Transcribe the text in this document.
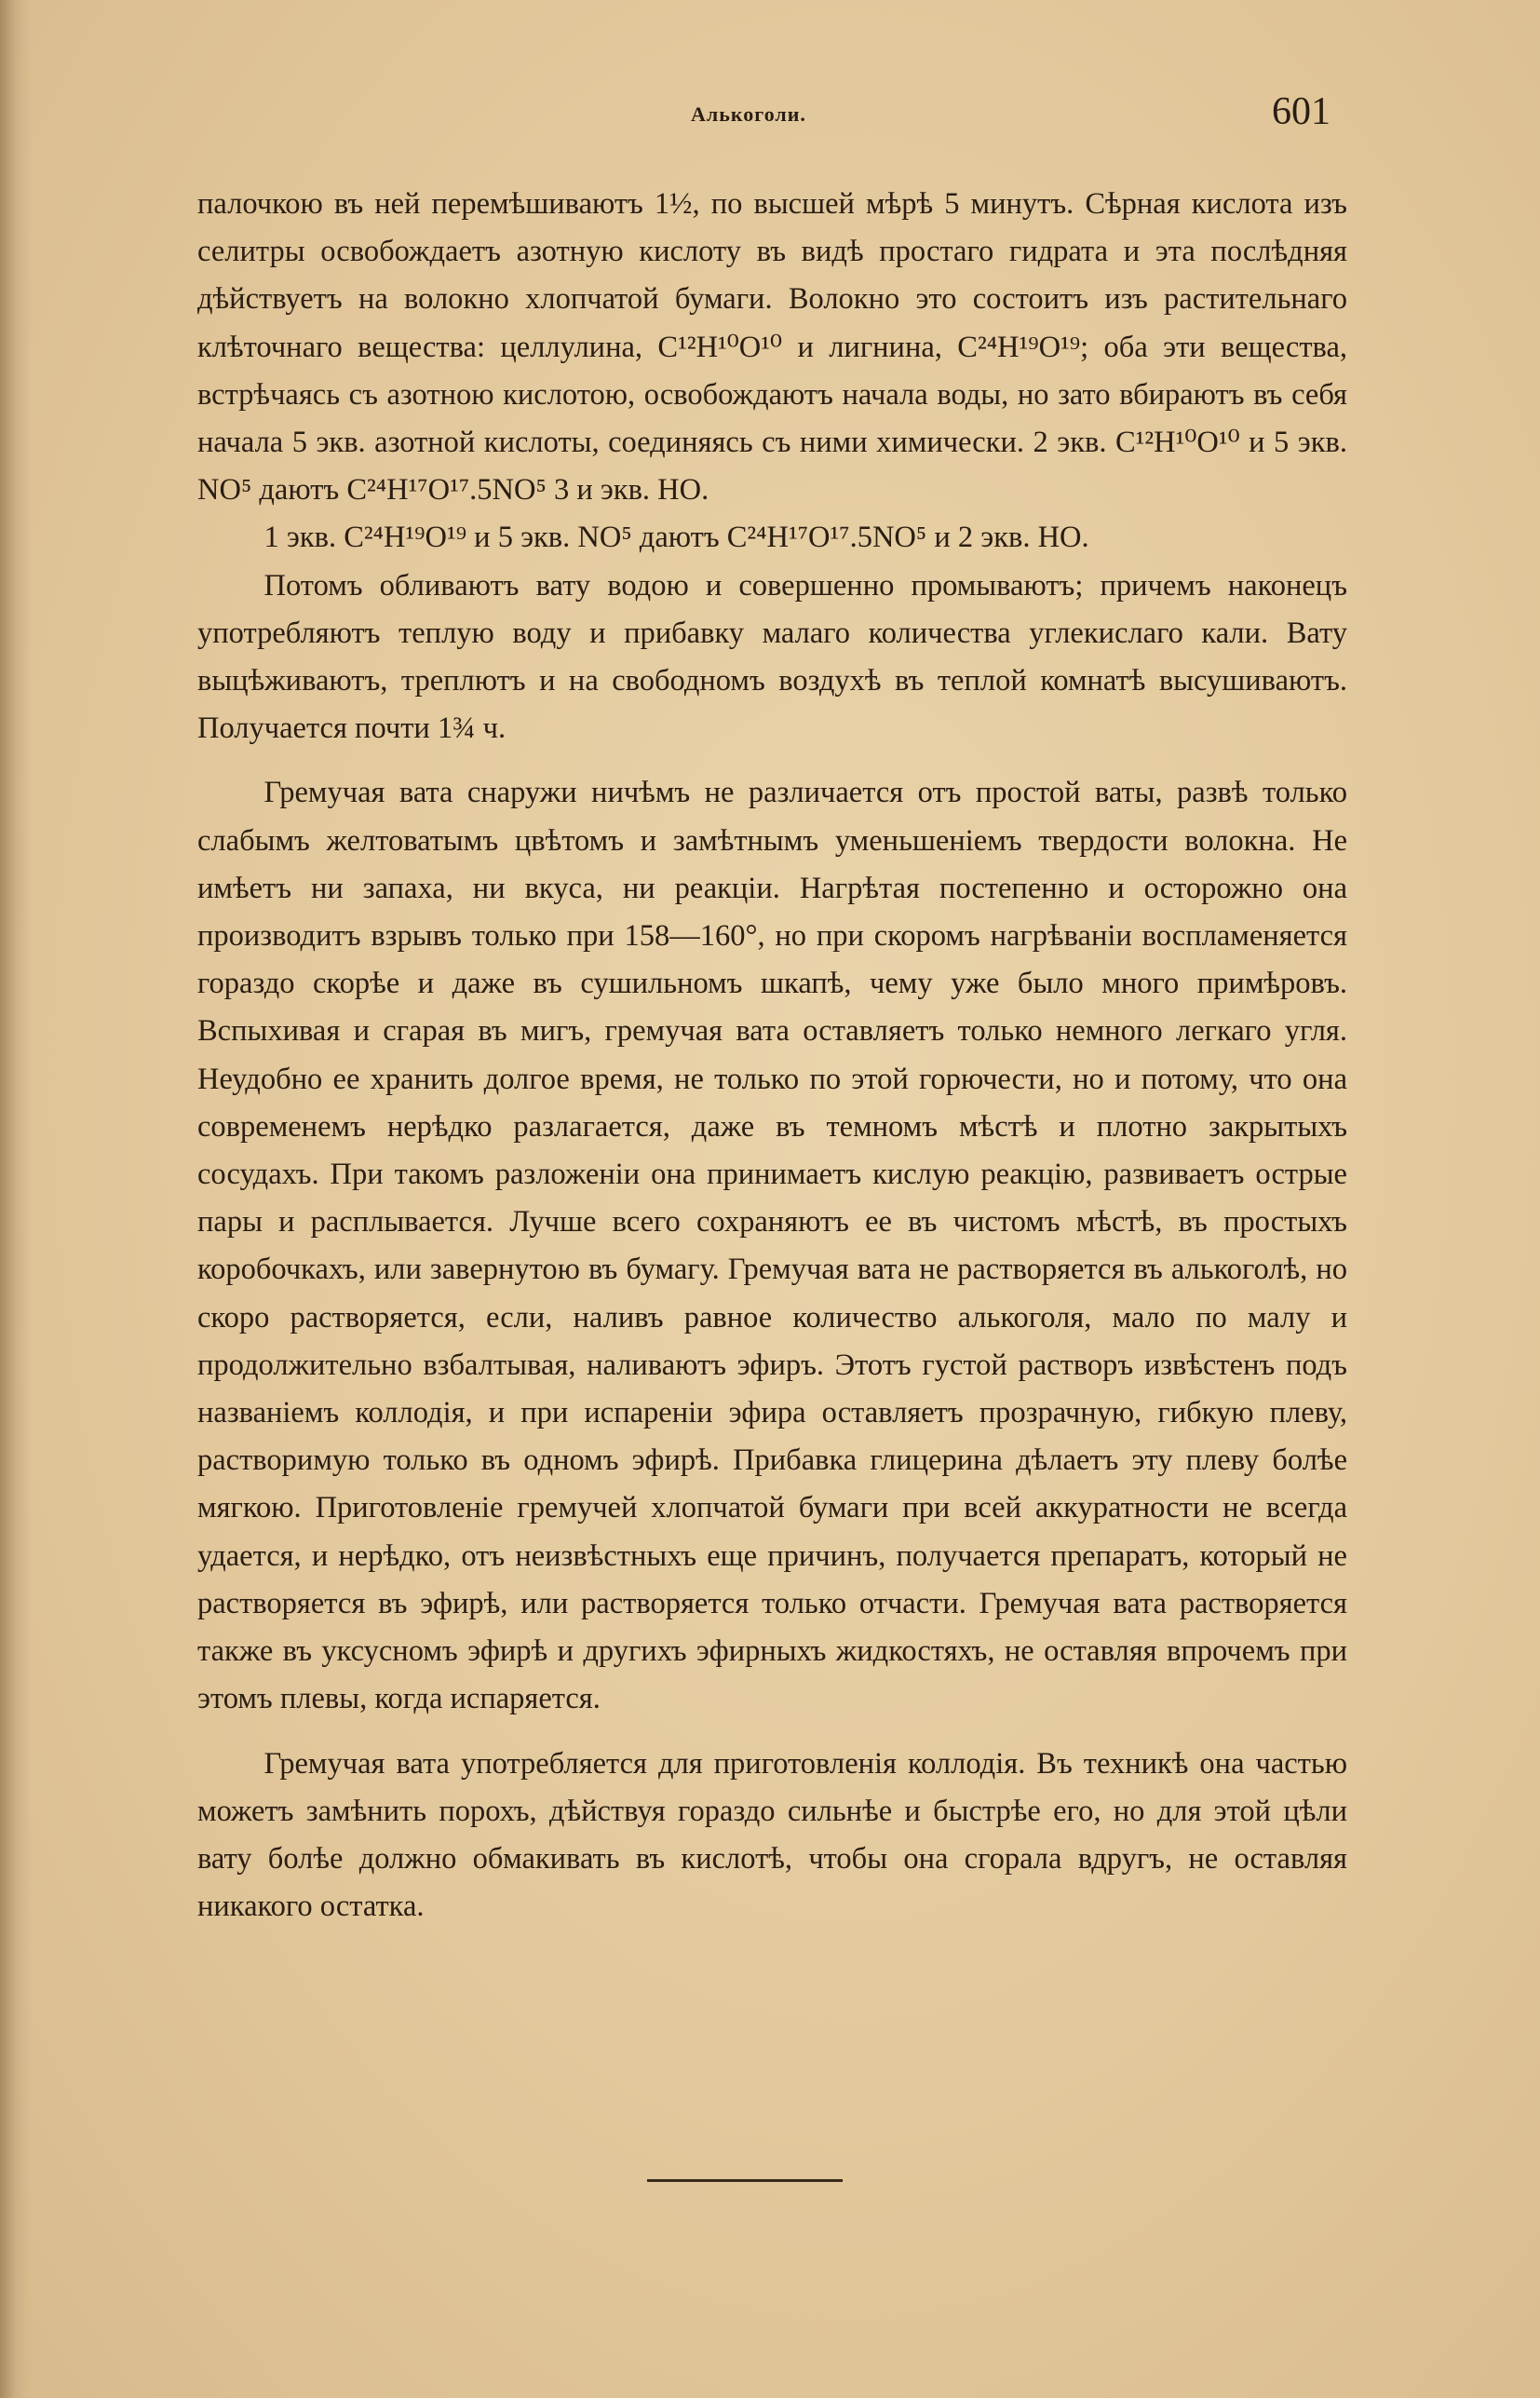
Алькоголи.	601

палочкою въ ней перемѣшиваютъ 1½, по высшей мѣрѣ 5 минутъ. Сѣрная кислота изъ селитры освобождаетъ азотную кислоту въ видѣ простаго гидрата и эта послѣдняя дѣйствуетъ на волокно хлопчатой бумаги. Волокно это состоитъ изъ растительнаго клѣточнаго вещества: целлулина, C¹²H¹⁰O¹⁰ и лигнина, C²⁴H¹⁹O¹⁹; оба эти вещества, встрѣчаясь съ азотною кислотою, освобождаютъ начала воды, но зато вбираютъ въ себя начала 5 экв. азотной кислоты, соединяясь съ ними химически. 2 экв. C¹²H¹⁰O¹⁰ и 5 экв. NO⁵ даютъ C²⁴H¹⁷O¹⁷.5NO⁵ 3 и экв. HO.

1 экв. C²⁴H¹⁹O¹⁹ и 5 экв. NO⁵ даютъ C²⁴H¹⁷O¹⁷.5NO⁵ и 2 экв. HO.

Потомъ обливаютъ вату водою и совершенно промываютъ; причемъ наконецъ употребляютъ теплую воду и прибавку малаго количества углекислаго кали. Вату выцѣживаютъ, треплютъ и на свободномъ воздухѣ въ теплой комнатѣ высушиваютъ. Получается почти 1¾ ч.

Гремучая вата снаружи ничѣмъ не различается отъ простой ваты, развѣ только слабымъ желтоватымъ цвѣтомъ и замѣтнымъ уменьшеніемъ твердости волокна. Не имѣетъ ни запаха, ни вкуса, ни реакціи. Нагрѣтая постепенно и осторожно она производитъ взрывъ только при 158—160°, но при скоромъ нагрѣваніи воспламеняется гораздо скорѣе и даже въ сушильномъ шкапѣ, чему уже было много примѣровъ. Вспыхивая и сгарая въ мигъ, гремучая вата оставляетъ только немного легкаго угля. Неудобно ее хранить долгое время, не только по этой горючести, но и потому, что она современемъ нерѣдко разлагается, даже въ темномъ мѣстѣ и плотно закрытыхъ сосудахъ. При такомъ разложеніи она принимаетъ кислую реакцію, развиваетъ острые пары и расплывается. Лучше всего сохраняютъ ее въ чистомъ мѣстѣ, въ простыхъ коробочкахъ, или завернутою въ бумагу. Гремучая вата не растворяется въ алькоголѣ, но скоро растворяется, если, наливъ равное количество алькоголя, мало по малу и продолжительно взбалтывая, наливаютъ эфиръ. Этотъ густой растворъ извѣстенъ подъ названіемъ коллодія, и при испареніи эфира оставляетъ прозрачную, гибкую плеву, растворимую только въ одномъ эфирѣ. Прибавка глицерина дѣлаетъ эту плеву болѣе мягкою. Приготовленіе гремучей хлопчатой бумаги при всей аккуратности не всегда удается, и нерѣдко, отъ неизвѣстныхъ еще причинъ, получается препаратъ, который не растворяется въ эфирѣ, или растворяется только отчасти. Гремучая вата растворяется также въ уксусномъ эфирѣ и другихъ эфирныхъ жидкостяхъ, не оставляя впрочемъ при этомъ плевы, когда испаряется.

Гремучая вата употребляется для приготовленія коллодія. Въ техникѣ она частью можетъ замѣнить порохъ, дѣйствуя гораздо сильнѣе и быстрѣе его, но для этой цѣли вату болѣе должно обмакивать въ кислотѣ, чтобы она сгорала вдругъ, не оставляя никакого остатка.
